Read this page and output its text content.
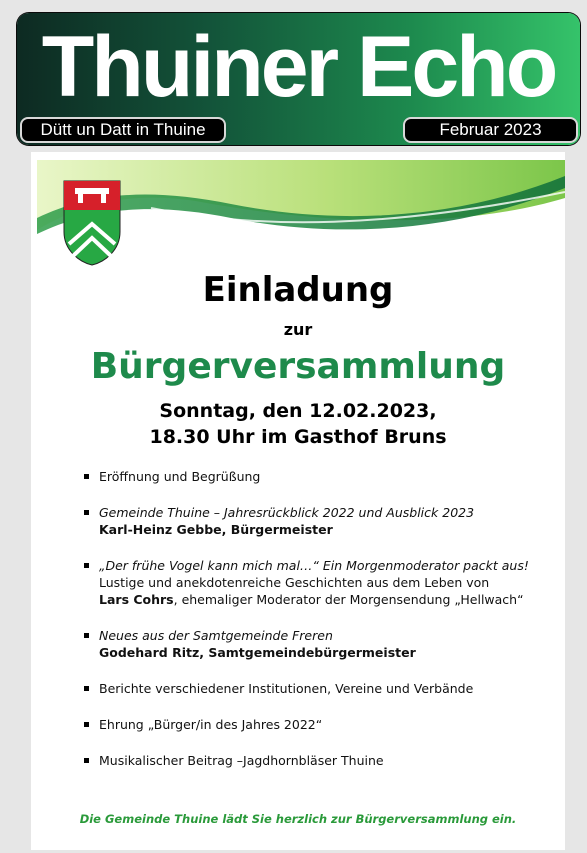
Thuiner Echo
Dütt un Datt in Thuine	Februar 2023
Einladung
zur
Bürgerversammlung
Sonntag, den 12.02.2023,
18.30 Uhr im Gasthof Bruns
Eröffnung und Begrüßung
Gemeinde Thuine – Jahresrückblick 2022 und Ausblick 2023
Karl-Heinz Gebbe, Bürgermeister
„Der frühe Vogel kann mich mal…“ Ein Morgenmoderator packt aus!
Lustige und anekdotenreiche Geschichten aus dem Leben von
Lars Cohrs, ehemaliger Moderator der Morgensendung „Hellwach“
Neues aus der Samtgemeinde Freren
Godehard Ritz, Samtgemeindebürgermeister
Berichte verschiedener Institutionen, Vereine und Verbände
Ehrung „Bürger/in des Jahres 2022“
Musikalischer Beitrag –Jagdhornbläser Thuine
Die Gemeinde Thuine lädt Sie herzlich zur Bürgerversammlung ein.
